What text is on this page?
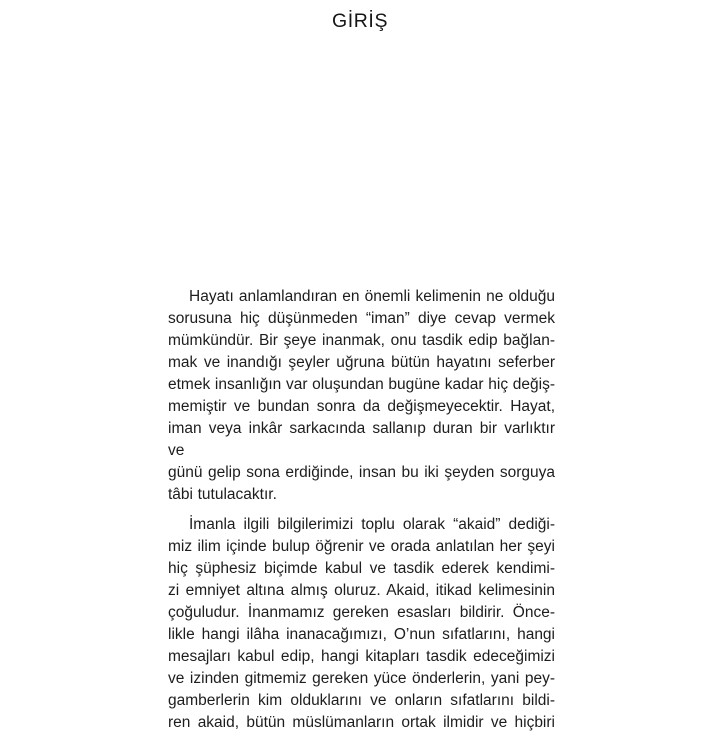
GİRİŞ
Hayatı anlamlandıran en önemli kelimenin ne olduğu
sorusuna hiç düşünmeden “iman” diye cevap vermek
mümkündür. Bir şeye inanmak, onu tasdik edip bağlan-
mak ve inandığı şeyler uğruna bütün hayatını seferber
etmek insanlığın var oluşundan bugüne kadar hiç değiş-
memiştir ve bundan sonra da değişmeyecektir. Hayat,
iman veya inkâr sarkacında sallanıp duran bir varlıktır ve
günü gelip sona erdiğinde, insan bu iki şeyden sorguya
tâbi tutulacaktır.
İmanla ilgili bilgilerimizi toplu olarak “akaid” dediği-
miz ilim içinde bulup öğrenir ve orada anlatılan her şeyi
hiç şüphesiz biçimde kabul ve tasdik ederek kendimi-
zi emniyet altına almış oluruz. Akaid, itikad kelimesinin
çoğuludur. İnanmamız gereken esasları bildirir. Önce-
likle hangi ilâha inanacağımızı, O’nun sıfatlarını, hangi
mesajları kabul edip, hangi kitapları tasdik edeceğimizi
ve izinden gitmemiz gereken yüce önderlerin, yani pey-
gamberlerin kim olduklarını ve onların sıfatlarını bildi-
ren akaid, bütün müslümanların ortak ilmidir ve hiçbiri
